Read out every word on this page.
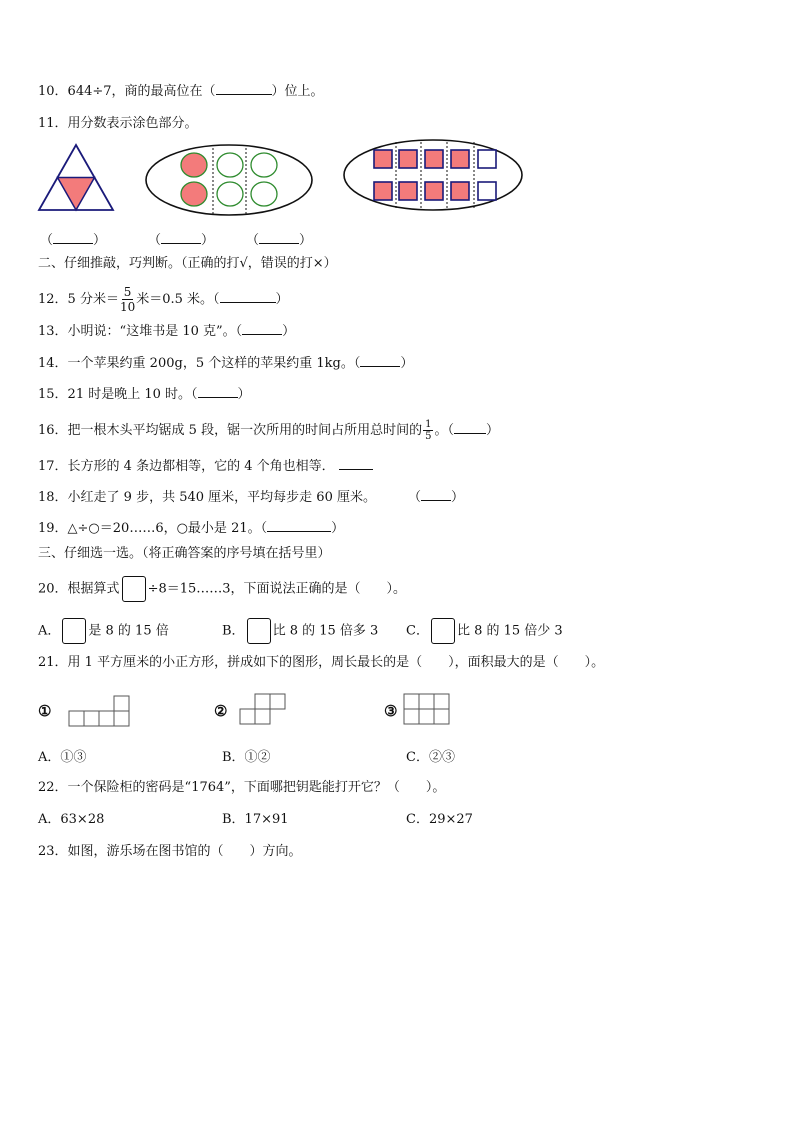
10．644÷7，商的最高位在（	）位上。
11．用分数表示涂色部分。
（	）	（	） （	）
二、仔细推敲，巧判断。（正确的打√，错误的打×）
12．5 分米＝ $\frac{5}{10}$ 米＝0.5 米。（	）
13．小明说：“这堆书是 10 克”。（	）
14．一个苹果约重 200g，5 个这样的苹果约重 1kg。（	）
15．21 时是晚上 10 时。（	）
16．把一根木头平均锯成 5 段，锯一次所用的时间占所用总时间的 $\frac{1}{5}$ 。（ ）
17．长方形的 4 条边都相等，它的 4 个角也相等．
18．小红走了 9 步，共 540 厘米，平均每步走 60 厘米。 （ ）
19．△÷○＝20……6，○最小是 21。（	）
三、仔细选一选。（将正确答案的序号填在括号里）
20．根据算式 ÷8＝15……3，下面说法正确的是（　　）。
A． 是 8 的 15 倍	B． 比 8 的 15 倍多 3 C． 比 8 的 15 倍少 3
21．用 1 平方厘米的小正方形，拼成如下的图形，周长最长的是（　　），面积最大的是（　　）。
①	②	③
A．①③	B．①②	C．②③
22．一个保险柜的密码是“1764”，下面哪把钥匙能打开它？（　　）。
A．63×28	B．17×91	C．29×27
23．如图，游乐场在图书馆的（　　）方向。
